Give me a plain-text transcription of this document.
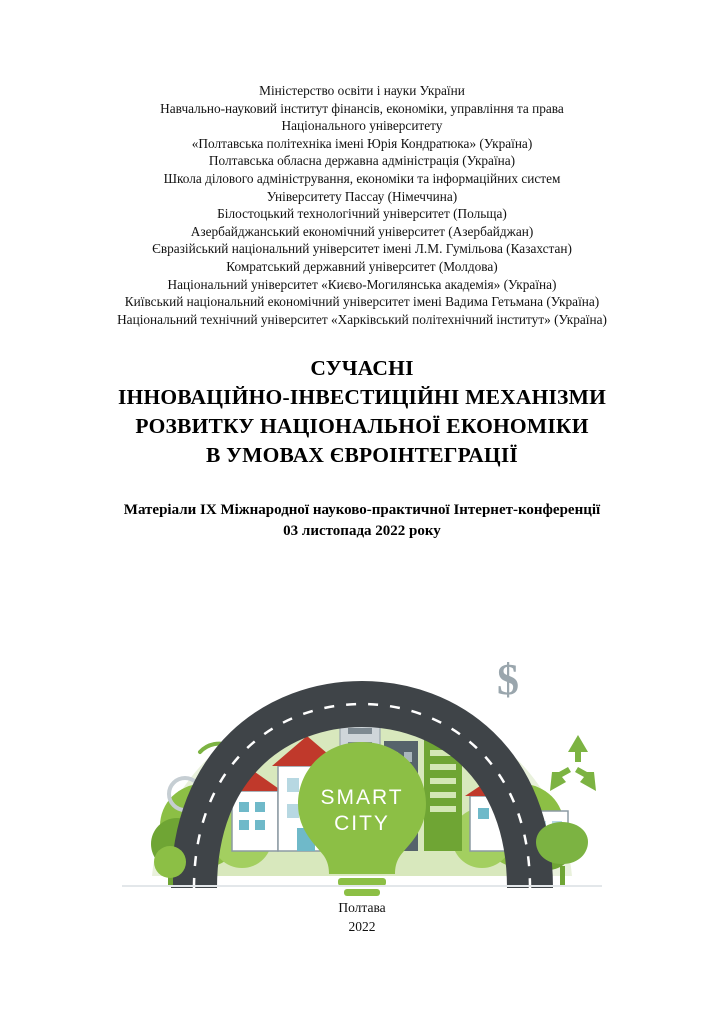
Міністерство освіти і науки України
Навчально-науковий інститут фінансів, економіки, управління та права
Національного університету
«Полтавська політехніка імені Юрія Кондратюка» (Україна)
Полтавська обласна державна адміністрація (Україна)
Школа ділового адміністрування, економіки та інформаційних систем
Університету Пассау (Німеччина)
Білостоцький технологічний університет (Польща)
Азербайджанський економічний університет (Азербайджан)
Євразійський національний університет імені Л.М. Гумільова (Казахстан)
Комратський державний університет (Молдова)
Національний університет «Києво-Могилянська академія» (Україна)
Київський національний економічний університет імені Вадима Гетьмана (Україна)
Національний технічний університет «Харківський політехнічний інститут» (Україна)
СУЧАСНІ
ІННОВАЦІЙНО-ІНВЕСТИЦІЙНІ МЕХАНІЗМИ
РОЗВИТКУ НАЦІОНАЛЬНОЇ ЕКОНОМІКИ
В УМОВАХ ЄВРОІНТЕГРАЦІЇ
Матеріали IX Міжнародної науково-практичної Інтернет-конференції
03 листопада 2022 року
$
SMART
CITY
Полтава
2022
